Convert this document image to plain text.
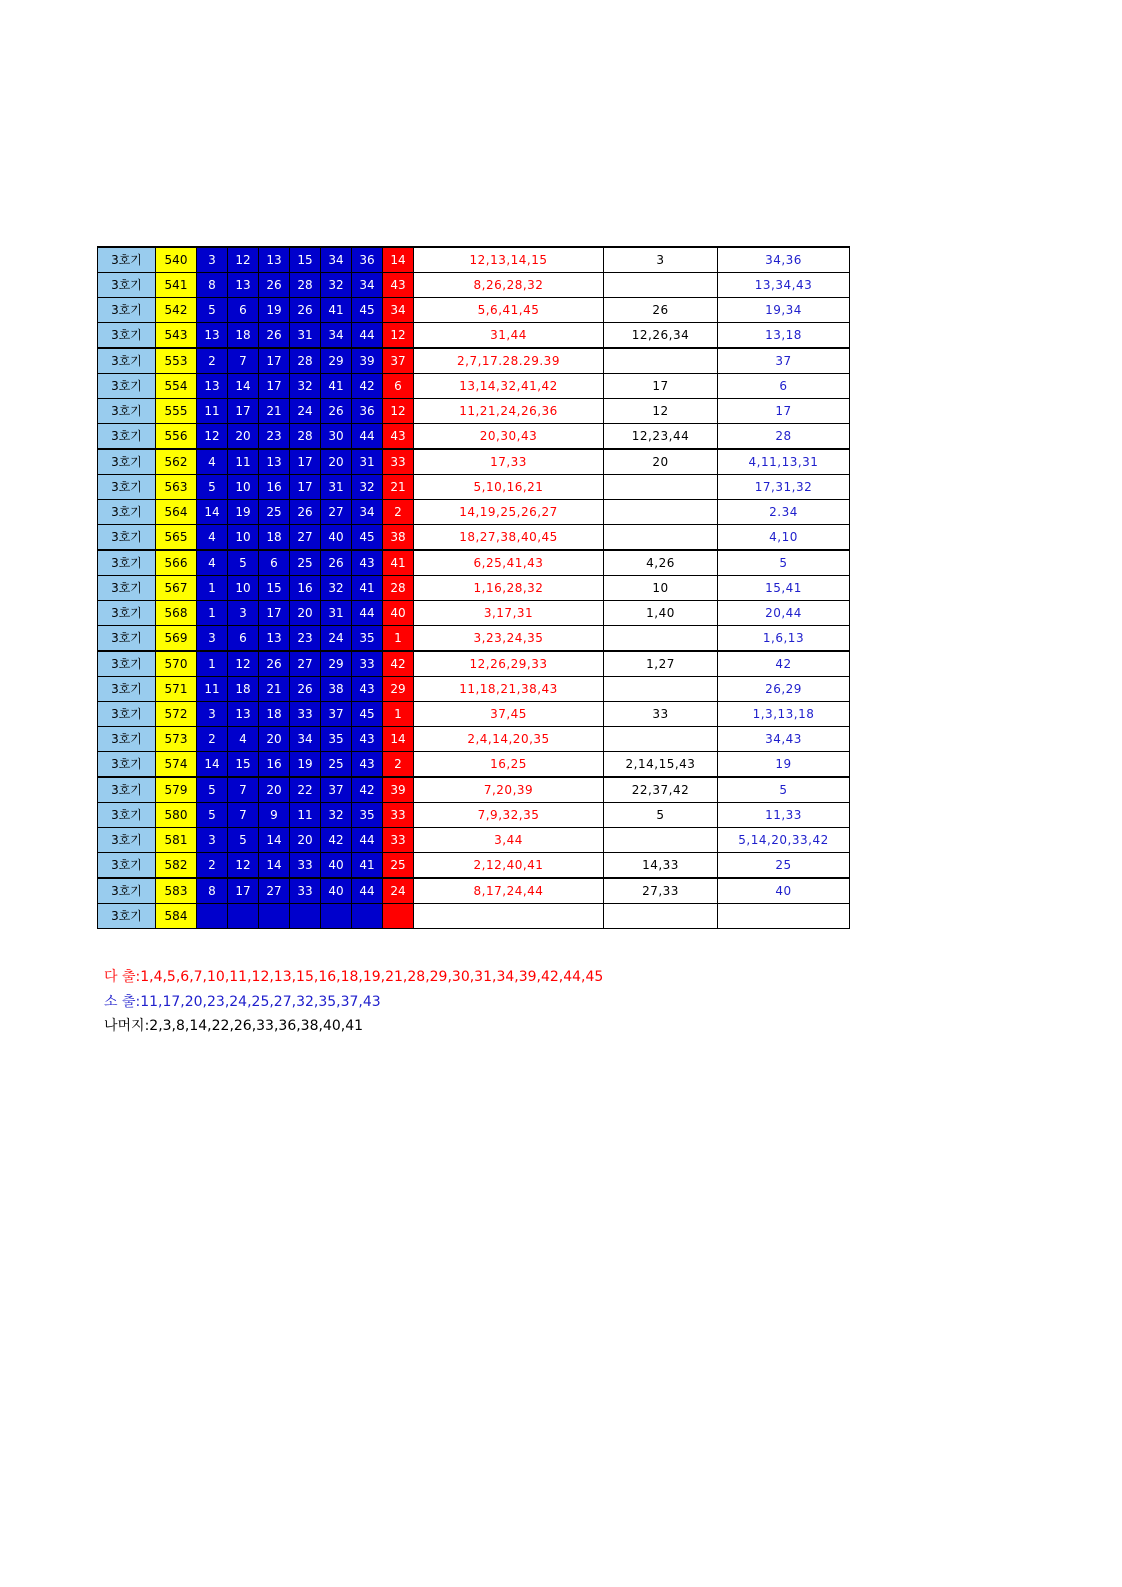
3호기	540	3	12	13	15	34	36	14	12,13,14,15	3	34,36
3호기	541	8	13	26	28	32	34	43	8,26,28,32		13,34,43
3호기	542	5	6	19	26	41	45	34	5,6,41,45	26	19,34
3호기	543	13	18	26	31	34	44	12	31,44	12,26,34	13,18
3호기	553	2	7	17	28	29	39	37	2,7,17.28.29.39		37
3호기	554	13	14	17	32	41	42	6	13,14,32,41,42	17	6
3호기	555	11	17	21	24	26	36	12	11,21,24,26,36	12	17
3호기	556	12	20	23	28	30	44	43	20,30,43	12,23,44	28
3호기	562	4	11	13	17	20	31	33	17,33	20	4,11,13,31
3호기	563	5	10	16	17	31	32	21	5,10,16,21		17,31,32
3호기	564	14	19	25	26	27	34	2	14,19,25,26,27		2.34
3호기	565	4	10	18	27	40	45	38	18,27,38,40,45		4,10
3호기	566	4	5	6	25	26	43	41	6,25,41,43	4,26	5
3호기	567	1	10	15	16	32	41	28	1,16,28,32	10	15,41
3호기	568	1	3	17	20	31	44	40	3,17,31	1,40	20,44
3호기	569	3	6	13	23	24	35	1	3,23,24,35		1,6,13
3호기	570	1	12	26	27	29	33	42	12,26,29,33	1,27	42
3호기	571	11	18	21	26	38	43	29	11,18,21,38,43		26,29
3호기	572	3	13	18	33	37	45	1	37,45	33	1,3,13,18
3호기	573	2	4	20	34	35	43	14	2,4,14,20,35		34,43
3호기	574	14	15	16	19	25	43	2	16,25	2,14,15,43	19
3호기	579	5	7	20	22	37	42	39	7,20,39	22,37,42	5
3호기	580	5	7	9	11	32	35	33	7,9,32,35	5	11,33
3호기	581	3	5	14	20	42	44	33	3,44		5,14,20,33,42
3호기	582	2	12	14	33	40	41	25	2,12,40,41	14,33	25
3호기	583	8	17	27	33	40	44	24	8,17,24,44	27,33	40
3호기	584										
다 출:1,4,5,6,7,10,11,12,13,15,16,18,19,21,28,29,30,31,34,39,42,44,45
소 출:11,17,20,23,24,25,27,32,35,37,43
나머지:2,3,8,14,22,26,33,36,38,40,41
